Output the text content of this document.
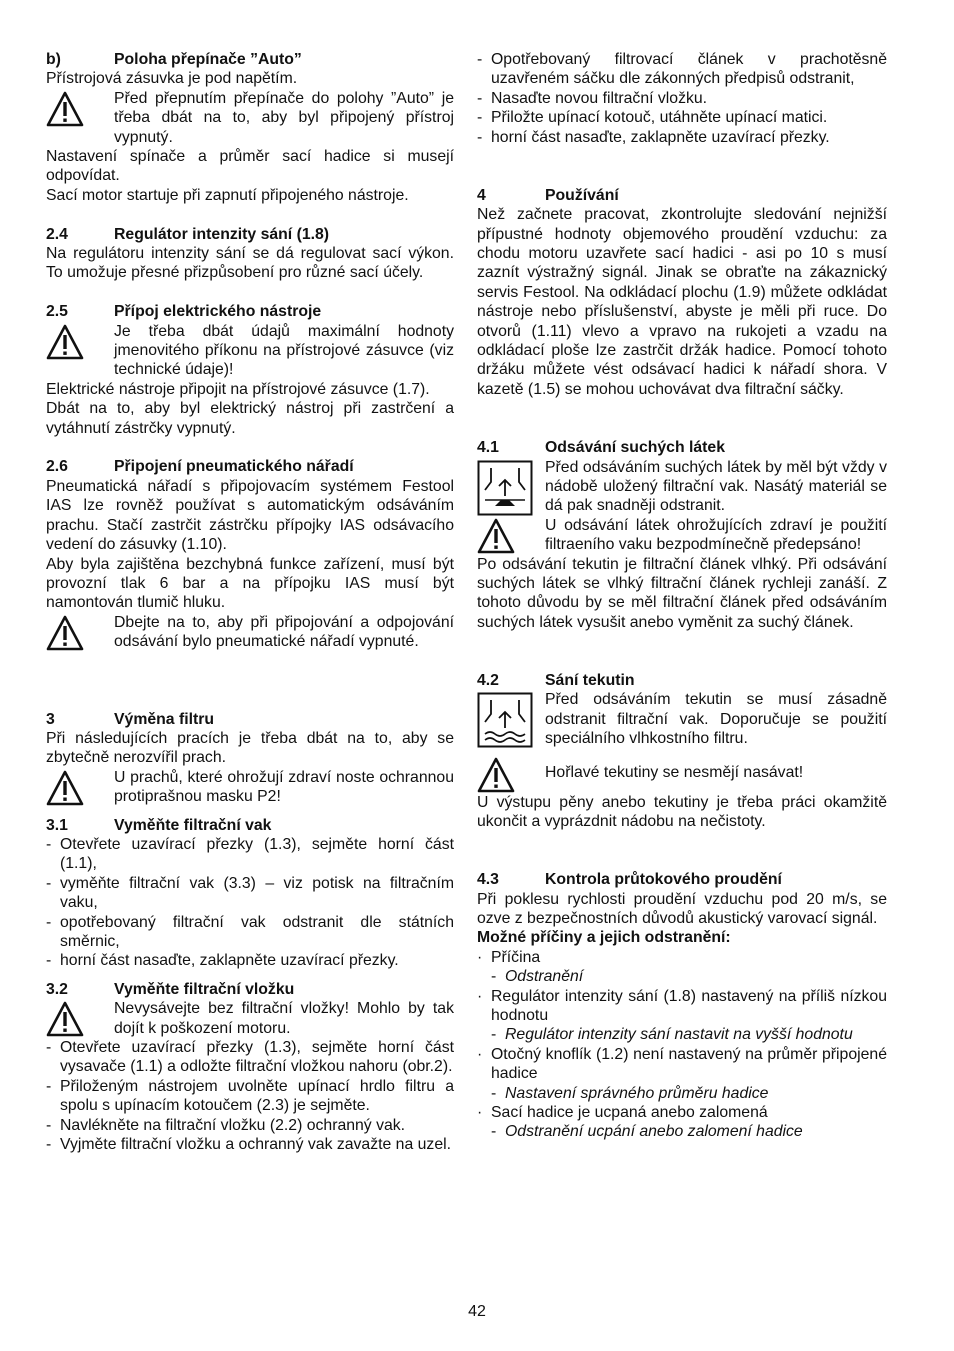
b)	Poloha přepínače ”Auto”

Přístrojová zásuvka je pod napětím.

Před přepnutím přepínače do polohy ”Auto” je třeba dbát na to, aby byl připojený přístroj vypnutý.

Nastavení spínače a průměr sací hadice si musejí odpovídat.

Sací motor startuje při zapnutí připojeného nástroje.

2.4	Regulátor intenzity sání (1.8)

Na regulátoru intenzity sání se dá regulovat sací výkon. To umožuje přesné přizpůsobení pro různé sací účely.

2.5	Přípoj elektrického nástroje
Je třeba dbát údajů maximální hodnoty jmenovitého příkonu na přístrojové zásuvce (viz technické údaje)!

Elektrické nástroje připojit na přístrojové zásuvce (1.7).

Dbát na to, aby byl elektrický nástroj při zastrčení a vytáhnutí zástrčky vypnutý.

2.6	Připojení pneumatického nářadí

Pneumatická nářadí s připojovacím systémem Festool IAS lze rovněž používat s automatickým odsáváním prachu. Stačí zastrčit zástrčku přípojky IAS odsávacího vedení do zásuvky (1.10).

Aby byla zajištěna bezchybná funkce zařízení, musí být provozní tlak 6 bar a na přípojku IAS musí být namontován tlumič hluku.

Dbejte na to, aby při připojování a odpojování odsávání bylo pneumatické nářadí vypnuté.
3	Výměna filtru

Při následujících pracích je třeba dbát na to, aby se zbytečně nerozvířil prach.

U prachů, které ohrožují zdraví noste ochrannou protiprašnou masku P2!
3.1	Vyměňte filtrační vak
- Otevřete uzavírací přezky (1.3), sejměte horní část (1.1),
- vyměňte filtrační vak (3.3) – viz potisk na filtračním vaku,
- opotřebovaný filtrační vak odstranit dle státních směrnic,
- horní část nasaďte, zaklapněte uzavírací přezky.
3.2	Vyměňte filtrační vložku
Nevysávejte bez filtrační vložky! Mohlo by tak dojít k poškození motoru.
- Otevřete uzavírací přezky (1.3), sejměte horní část vysavače (1.1) a odložte filtrační vložkou nahoru (obr.2).
- Přiloženým nástrojem uvolněte upínací hrdlo filtru a spolu s upínacím kotoučem (2.3) je sejměte.
- Navlékněte na filtrační vložku (2.2) ochranný vak.
- Vyjměte filtrační vložku a ochranný vak zavažte na uzel.
- Opotřebovaný filtrovací článek v prachotěsně uzavřeném sáčku dle zákonných předpisů odstranit,
- Nasaďte novou filtrační vložku.
- Přiložte upínací kotouč, utáhněte upínací matici.
- horní část nasaďte, zaklapněte uzavírací přezky.
4	Používání

Než začnete pracovat, zkontrolujte sledování nejnižší přípustné hodnoty objemového proudění vzduchu: za chodu motoru uzavřete sací hadici - asi po 10 s musí zaznít výstražný signál. Jinak se obraťte na zákaznický servis Festool. Na odkládací plochu (1.9) můžete odkládat nástroje nebo příslušenství, abyste je měli při ruce. Do otvorů (1.11) vlevo a vpravo na rukojeti a vzadu na odkládací ploše lze zastrčit držák hadice. Pomocí tohoto držáku můžete vést odsávací hadici k nářadí shora. V kazetě (1.5) se mohou uchovávat dva filtrační sáčky.

4.1	Odsávání suchých látek
Před odsáváním suchých látek by měl být vždy v nádobě uložený filtrační vak. Nasátý materiál se dá pak snadněji odstranit.
U odsávání látek ohrožujících zdraví je použití filtraeního vaku bezpodmínečně předepsáno!

Po odsávání tekutin je filtrační článek vlhký. Při odsávání suchých látek se vlhký filtrační článek rychleji zanáší. Z tohoto důvodu by se měl filtrační článek před odsáváním suchých látek vysušit anebo vyměnit za suchý článek.

4.2	Sání tekutin
Před odsáváním tekutin se musí zásadně odstranit filtrační vak. Doporučuje se použití speciálního vlhkostního filtru.
Hořlavé tekutiny se nesmějí nasávat!

U výstupu pěny anebo tekutiny je třeba práci okamžitě ukončit a vyprázdnit nádobu na nečistoty.

4.3	Kontrola průtokového proudění

Při poklesu rychlosti proudění vzduchu pod 20 m/s, se ozve z bezpečnostních důvodů akustický varovací signál.

Možné příčiny a jejich odstranění:

· Příčina
- Odstranění
· Regulátor intenzity sání (1.8) nastavený na příliš nízkou hodnotu
- Regulátor intenzity sání nastavit na vyšší hodnotu
· Otočný knoflík (1.2) není nastavený na průměr připojené hadice
- Nastavení správného průměru hadice
· Sací hadice je ucpaná anebo zalomená
- Odstranění ucpání anebo zalomení hadice
42
